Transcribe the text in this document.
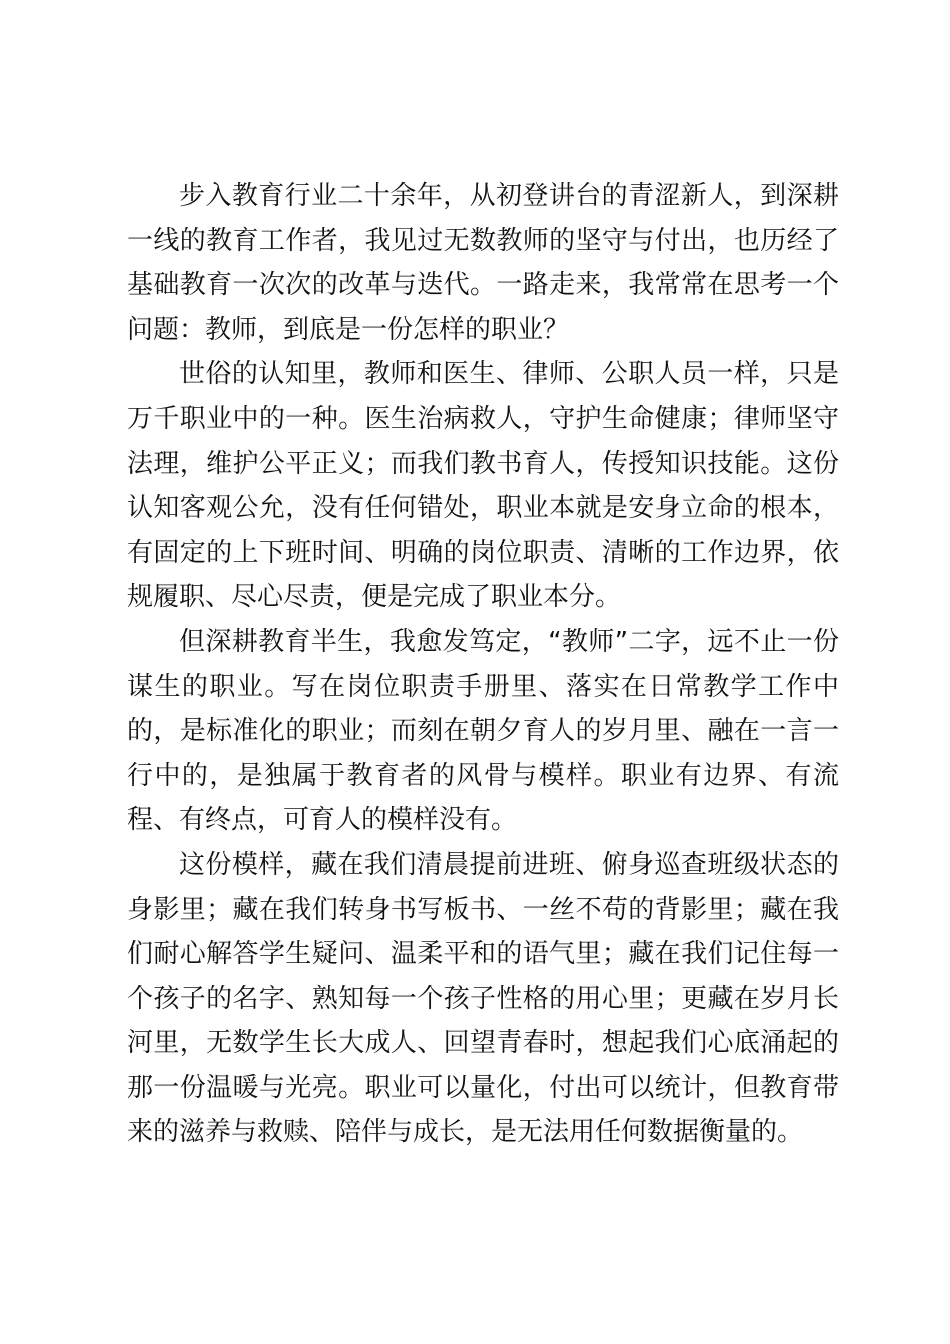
步入教育行业二十余年，从初登讲台的青涩新人，到深耕一线的教育工作者，我见过无数教师的坚守与付出，也历经了基础教育一次次的改革与迭代。一路走来，我常常在思考一个问题：教师，到底是一份怎样的职业？

世俗的认知里，教师和医生、律师、公职人员一样，只是万千职业中的一种。医生治病救人，守护生命健康；律师坚守法理，维护公平正义；而我们教书育人，传授知识技能。这份认知客观公允，没有任何错处，职业本就是安身立命的根本，有固定的上下班时间、明确的岗位职责、清晰的工作边界，依规履职、尽心尽责，便是完成了职业本分。

但深耕教育半生，我愈发笃定，“教师”二字，远不止一份谋生的职业。写在岗位职责手册里、落实在日常教学工作中的，是标准化的职业；而刻在朝夕育人的岁月里、融在一言一行中的，是独属于教育者的风骨与模样。职业有边界、有流程、有终点，可育人的模样没有。

这份模样，藏在我们清晨提前进班、俯身巡查班级状态的身影里；藏在我们转身书写板书、一丝不苟的背影里；藏在我们耐心解答学生疑问、温柔平和的语气里；藏在我们记住每一个孩子的名字、熟知每一个孩子性格的用心里；更藏在岁月长河里，无数学生长大成人、回望青春时，想起我们心底涌起的那一份温暖与光亮。职业可以量化，付出可以统计，但教育带来的滋养与救赎、陪伴与成长，是无法用任何数据衡量的。
